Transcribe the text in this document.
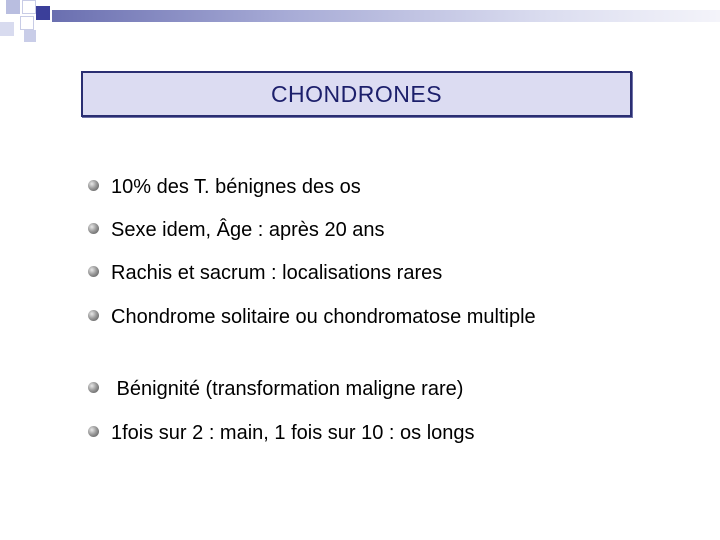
CHONDRONES
10% des T. bénignes des os
Sexe idem, Âge : après 20 ans
Rachis et sacrum : localisations rares
Chondrome solitaire ou chondromatose multiple
Bénignité (transformation maligne rare)
1fois sur 2 : main, 1 fois sur 10 : os longs
